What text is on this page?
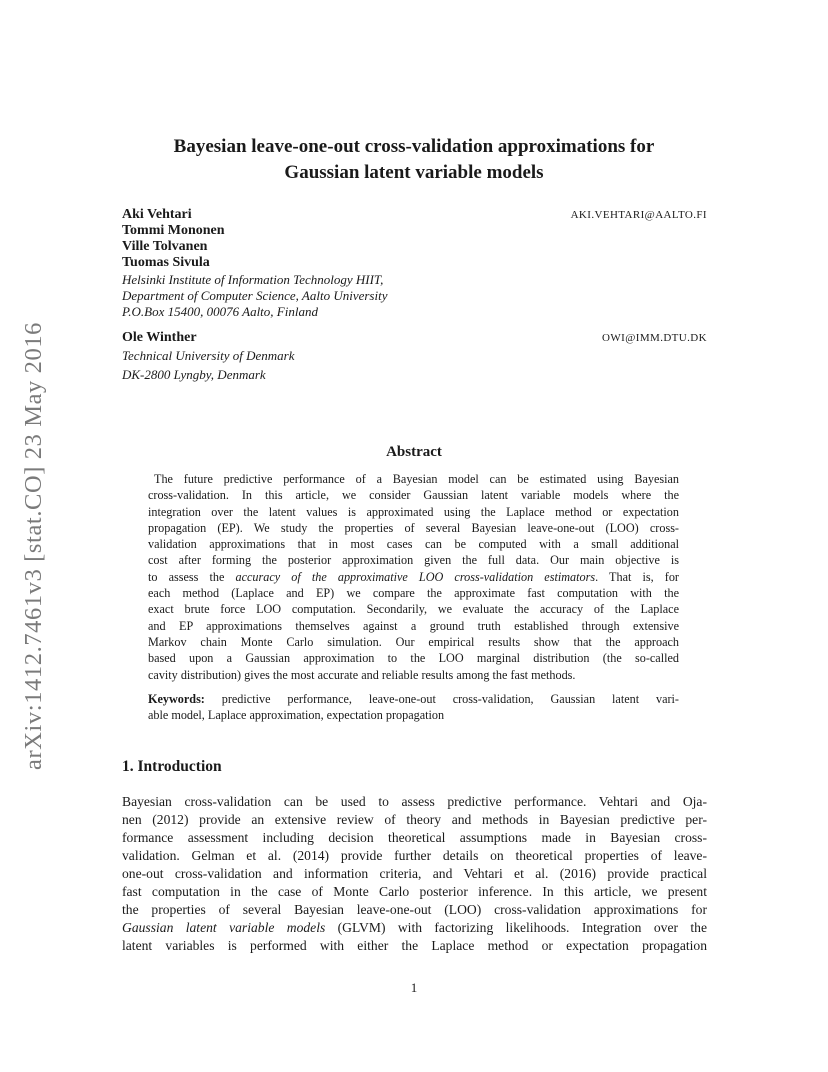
arXiv:1412.7461v3 [stat.CO] 23 May 2016
Bayesian leave-one-out cross-validation approximations for
Gaussian latent variable models
Aki Vehtari	AKI.VEHTARI@AALTO.FI
Tommi Mononen
Ville Tolvanen
Tuomas Sivula
Helsinki Institute of Information Technology HIIT,
Department of Computer Science, Aalto University
P.O.Box 15400, 00076 Aalto, Finland
Ole Winther	OWI@IMM.DTU.DK
Technical University of Denmark
DK-2800 Lyngby, Denmark
Abstract
The future predictive performance of a Bayesian model can be estimated using Bayesian
cross-validation. In this article, we consider Gaussian latent variable models where the
integration over the latent values is approximated using the Laplace method or expectation
propagation (EP). We study the properties of several Bayesian leave-one-out (LOO) cross-
validation approximations that in most cases can be computed with a small additional
cost after forming the posterior approximation given the full data. Our main objective is
to assess the accuracy of the approximative LOO cross-validation estimators. That is, for
each method (Laplace and EP) we compare the approximate fast computation with the
exact brute force LOO computation. Secondarily, we evaluate the accuracy of the Laplace
and EP approximations themselves against a ground truth established through extensive
Markov chain Monte Carlo simulation. Our empirical results show that the approach
based upon a Gaussian approximation to the LOO marginal distribution (the so-called
cavity distribution) gives the most accurate and reliable results among the fast methods.
Keywords: predictive performance, leave-one-out cross-validation, Gaussian latent vari-
able model, Laplace approximation, expectation propagation
1. Introduction
Bayesian cross-validation can be used to assess predictive performance. Vehtari and Oja-
nen (2012) provide an extensive review of theory and methods in Bayesian predictive per-
formance assessment including decision theoretical assumptions made in Bayesian cross-
validation. Gelman et al. (2014) provide further details on theoretical properties of leave-
one-out cross-validation and information criteria, and Vehtari et al. (2016) provide practical
fast computation in the case of Monte Carlo posterior inference. In this article, we present
the properties of several Bayesian leave-one-out (LOO) cross-validation approximations for
Gaussian latent variable models (GLVM) with factorizing likelihoods. Integration over the
latent variables is performed with either the Laplace method or expectation propagation
1
